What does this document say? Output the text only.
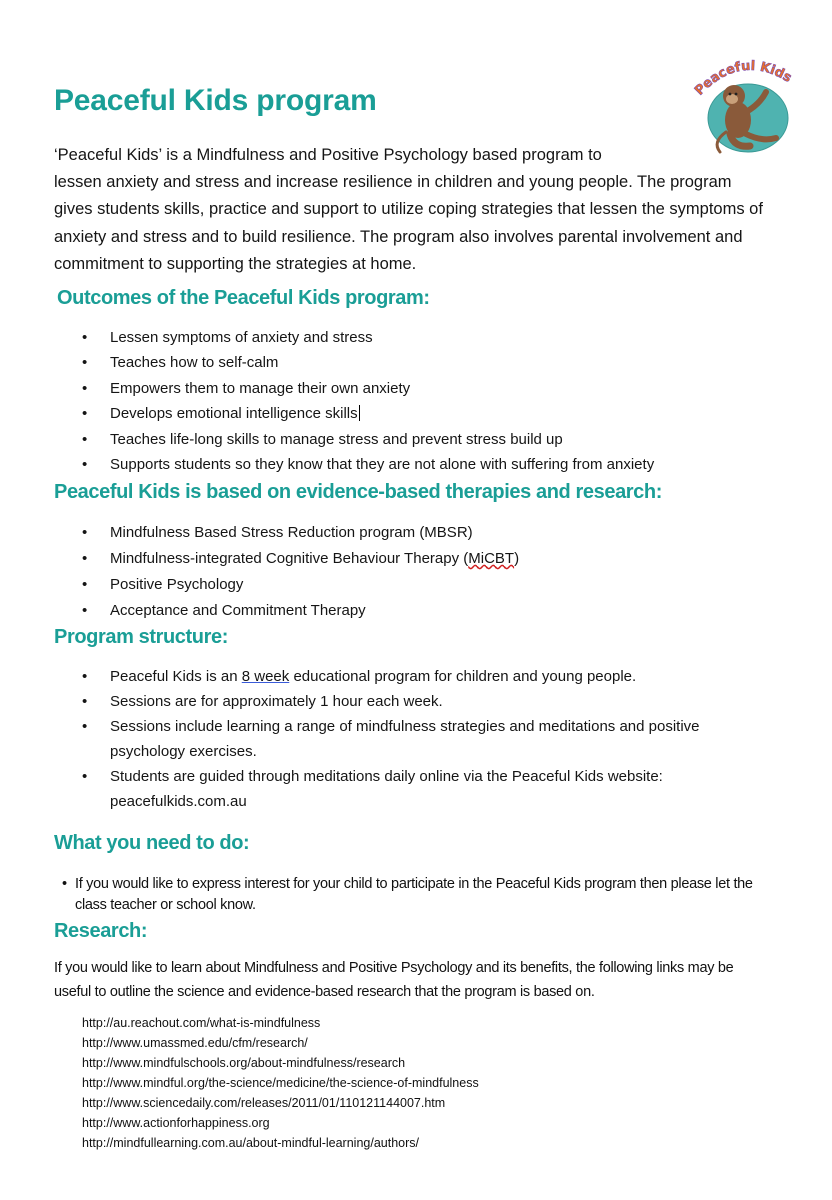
Peaceful Kids
Peaceful Kids program

‘Peaceful Kids’ is a Mindfulness and Positive Psychology based program to
lessen anxiety and stress and increase resilience in children and young people. The program gives students skills, practice and support to utilize coping strategies that lessen the symptoms of anxiety and stress and to build resilience. The program also involves parental involvement and commitment to supporting the strategies at home.

Outcomes of the Peaceful Kids program:
• Lessen symptoms of anxiety and stress
• Teaches how to self-calm
• Empowers them to manage their own anxiety
• Develops emotional intelligence skills
• Teaches life-long skills to manage stress and prevent stress build up
• Supports students so they know that they are not alone with suffering from anxiety
Peaceful Kids is based on evidence-based therapies and research:
• Mindfulness Based Stress Reduction program (MBSR)
• Mindfulness-integrated Cognitive Behaviour Therapy (MiCBT)
• Positive Psychology
• Acceptance and Commitment Therapy
Program structure:
• Peaceful Kids is an 8 week educational program for children and young people.
• Sessions are for approximately 1 hour each week.
• Sessions include learning a range of mindfulness strategies and meditations and positive psychology exercises.
• Students are guided through meditations daily online via the Peaceful Kids website: peacefulkids.com.au
What you need to do:
• If you would like to express interest for your child to participate in the Peaceful Kids program then please let the class teacher or school know.
Research:

If you would like to learn about Mindfulness and Positive Psychology and its benefits, the following links may be useful to outline the science and evidence-based research that the program is based on.

http://au.reachout.com/what-is-mindfulness
http://www.umassmed.edu/cfm/research/
http://www.mindfulschools.org/about-mindfulness/research
http://www.mindful.org/the-science/medicine/the-science-of-mindfulness
http://www.sciencedaily.com/releases/2011/01/110121144007.htm
http://www.actionforhappiness.org
http://mindfullearning.com.au/about-mindful-learning/authors/
